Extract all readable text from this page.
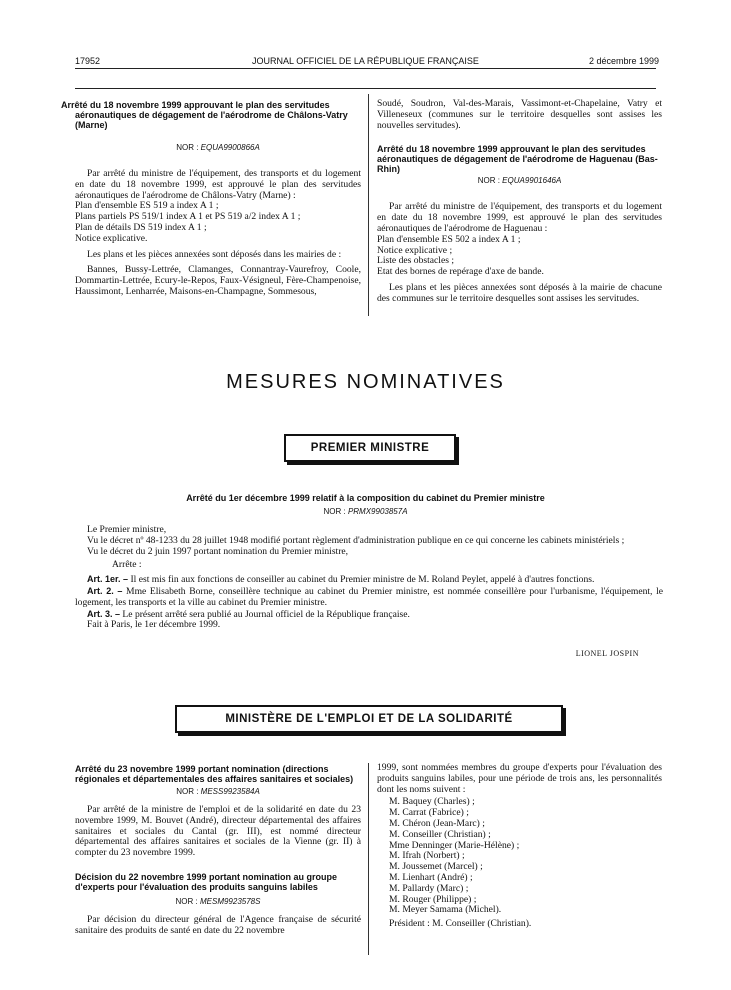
17952	JOURNAL OFFICIEL DE LA RÉPUBLIQUE FRANÇAISE	2 décembre 1999

Arrêté du 18 novembre 1999 approuvant le plan des servitudes aéronautiques de dégagement de l'aérodrome de Châlons-Vatry (Marne)

NOR : EQUA9900866A

Par arrêté du ministre de l'équipement, des transports et du logement en date du 18 novembre 1999, est approuvé le plan des servitudes aéronautiques de l'aérodrome de Châlons-Vatry (Marne) :

Plan d'ensemble ES 519 a index A 1 ;

Plans partiels PS 519/1 index A 1 et PS 519 a/2 index A 1 ;

Plan de détails DS 519 index A 1 ;

Notice explicative.

Les plans et les pièces annexées sont déposés dans les mairies de :

Bannes, Bussy-Lettrée, Clamanges, Connantray-Vaurefroy, Coole, Dommartin-Lettrée, Ecury-le-Repos, Faux-Vésigneul, Fère-Champenoise, Haussimont, Lenharrée, Maisons-en-Champagne, Sommesous,

Soudé, Soudron, Val-des-Marais, Vassimont-et-Chapelaine, Vatry et Villeneseux (communes sur le territoire desquelles sont assises les nouvelles servitudes).

Arrêté du 18 novembre 1999 approuvant le plan des servitudes aéronautiques de dégagement de l'aérodrome de Haguenau (Bas-Rhin)

NOR : EQUA9901646A

Par arrêté du ministre de l'équipement, des transports et du logement en date du 18 novembre 1999, est approuvé le plan des servitudes aéronautiques de l'aérodrome de Haguenau :

Plan d'ensemble ES 502 a index A 1 ;

Notice explicative ;

Liste des obstacles ;

Etat des bornes de repérage d'axe de bande.

Les plans et les pièces annexées sont déposés à la mairie de chacune des communes sur le territoire desquelles sont assises les servitudes.

MESURES NOMINATIVES
PREMIER MINISTRE
Arrêté du 1er décembre 1999 relatif à la composition du cabinet du Premier ministre
NOR : PRMX9903857A

Le Premier ministre,

Vu le décret nº 48-1233 du 28 juillet 1948 modifié portant règlement d'administration publique en ce qui concerne les cabinets ministériels ;

Vu le décret du 2 juin 1997 portant nomination du Premier ministre,

Arrête :

Art. 1er. – Il est mis fin aux fonctions de conseiller au cabinet du Premier ministre de M. Roland Peylet, appelé à d'autres fonctions.

Art. 2. – Mme Elisabeth Borne, conseillère technique au cabinet du Premier ministre, est nommée conseillère pour l'urbanisme, l'équipement, le logement, les transports et la ville au cabinet du Premier ministre.

Art. 3. – Le présent arrêté sera publié au Journal officiel de la République française.

Fait à Paris, le 1er décembre 1999.

LIONEL JOSPIN
MINISTÈRE DE L'EMPLOI ET DE LA SOLIDARITÉ

Arrêté du 23 novembre 1999 portant nomination (directions régionales et départementales des affaires sanitaires et sociales)

NOR : MESS9923584A

Par arrêté de la ministre de l'emploi et de la solidarité en date du 23 novembre 1999, M. Bouvet (André), directeur départemental des affaires sanitaires et sociales du Cantal (gr. III), est nommé directeur départemental des affaires sanitaires et sociales de la Vienne (gr. II) à compter du 23 novembre 1999.

Décision du 22 novembre 1999 portant nomination au groupe d'experts pour l'évaluation des produits sanguins labiles

NOR : MESM9923578S

Par décision du directeur général de l'Agence française de sécurité sanitaire des produits de santé en date du 22 novembre

1999, sont nommées membres du groupe d'experts pour l'évaluation des produits sanguins labiles, pour une période de trois ans, les personnalités dont les noms suivent :

M. Baquey (Charles) ;

M. Carrat (Fabrice) ;

M. Chéron (Jean-Marc) ;

M. Conseiller (Christian) ;

Mme Denninger (Marie-Hélène) ;

M. Ifrah (Norbert) ;

M. Joussemet (Marcel) ;

M. Lienhart (André) ;

M. Pallardy (Marc) ;

M. Rouger (Philippe) ;

M. Meyer Samama (Michel).

Président : M. Conseiller (Christian).
